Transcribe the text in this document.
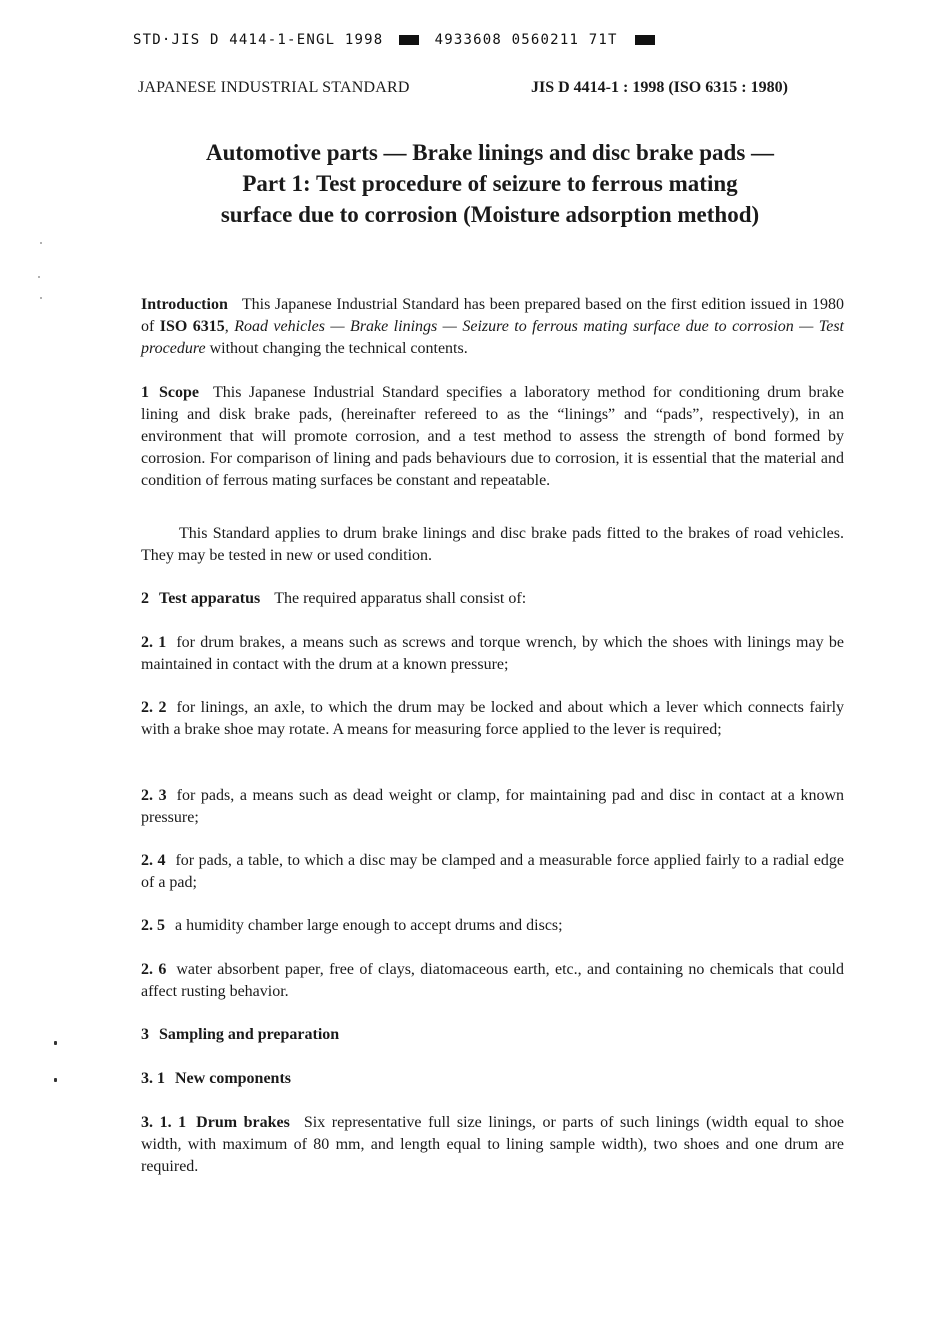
STD·JIS D 4414-1-ENGL 1998	4933608 0560211 71T
JAPANESE INDUSTRIAL STANDARD	JIS D 4414-1 : 1998 (ISO 6315 : 1980)
Automotive parts — Brake linings and disc brake pads —
Part 1: Test procedure of seizure to ferrous mating
surface due to corrosion (Moisture adsorption method)
Introduction This Japanese Industrial Standard has been prepared based on the first edition issued in 1980 of ISO 6315, Road vehicles — Brake linings — Seizure to ferrous mating surface due to corrosion — Test procedure without changing the technical contents.
1 Scope This Japanese Industrial Standard specifies a laboratory method for conditioning drum brake lining and disk brake pads, (hereinafter refereed to as the “linings” and “pads”, respectively), in an environment that will promote corrosion, and a test method to assess the strength of bond formed by corrosion. For comparison of lining and pads behaviours due to corrosion, it is essential that the material and condition of ferrous mating surfaces be constant and repeatable.
This Standard applies to drum brake linings and disc brake pads fitted to the brakes of road vehicles. They may be tested in new or used condition.
2 Test apparatus The required apparatus shall consist of:
2. 1 for drum brakes, a means such as screws and torque wrench, by which the shoes with linings may be maintained in contact with the drum at a known pressure;
2. 2 for linings, an axle, to which the drum may be locked and about which a lever which connects fairly with a brake shoe may rotate. A means for measuring force applied to the lever is required;
2. 3 for pads, a means such as dead weight or clamp, for maintaining pad and disc in contact at a known pressure;
2. 4 for pads, a table, to which a disc may be clamped and a measurable force applied fairly to a radial edge of a pad;
2. 5 a humidity chamber large enough to accept drums and discs;
2. 6 water absorbent paper, free of clays, diatomaceous earth, etc., and containing no chemicals that could affect rusting behavior.
3 Sampling and preparation
3. 1 New components
3. 1. 1 Drum brakes Six representative full size linings, or parts of such linings (width equal to shoe width, with maximum of 80 mm, and length equal to lining sample width), two shoes and one drum are required.
